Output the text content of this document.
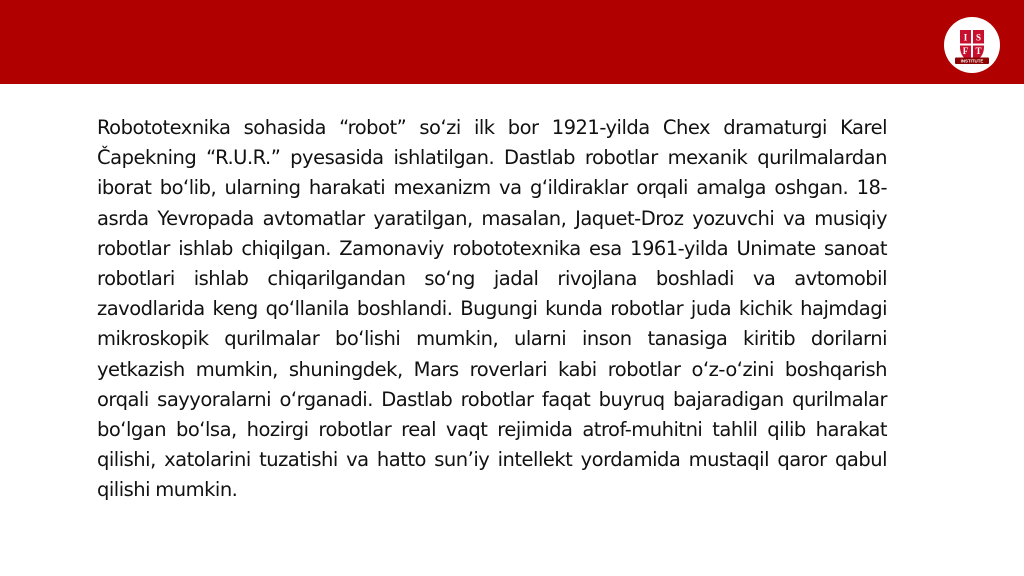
I S
F T
INSTITUTE

Robototexnika sohasida “robot” so‘zi ilk bor 1921-yilda Chex dramaturgi Karel Čapekning “R.U.R.” pyesasida ishlatilgan. Dastlab robotlar mexanik qurilmalardan iborat bo‘lib, ularning harakati mexanizm va g‘ildiraklar orqali amalga oshgan. 18-asrda Yevropada avtomatlar yaratilgan, masalan, Jaquet-Droz yozuvchi va musiqiy robotlar ishlab chiqilgan. Zamonaviy robototexnika esa 1961-yilda Unimate sanoat robotlari ishlab chiqarilgandan so‘ng jadal rivojlana boshladi va avtomobil zavodlarida keng qo‘llanila boshlandi. Bugungi kunda robotlar juda kichik hajmdagi mikroskopik qurilmalar bo‘lishi mumkin, ularni inson tanasiga kiritib dorilarni yetkazish mumkin, shuningdek, Mars roverlari kabi robotlar o‘z-o‘zini boshqarish orqali sayyoralarni o‘rganadi. Dastlab robotlar faqat buyruq bajaradigan qurilmalar bo‘lgan bo‘lsa, hozirgi robotlar real vaqt rejimida atrof-muhitni tahlil qilib harakat qilishi, xatolarini tuzatishi va hatto sun’iy intellekt yordamida mustaqil qaror qabul qilishi mumkin.
